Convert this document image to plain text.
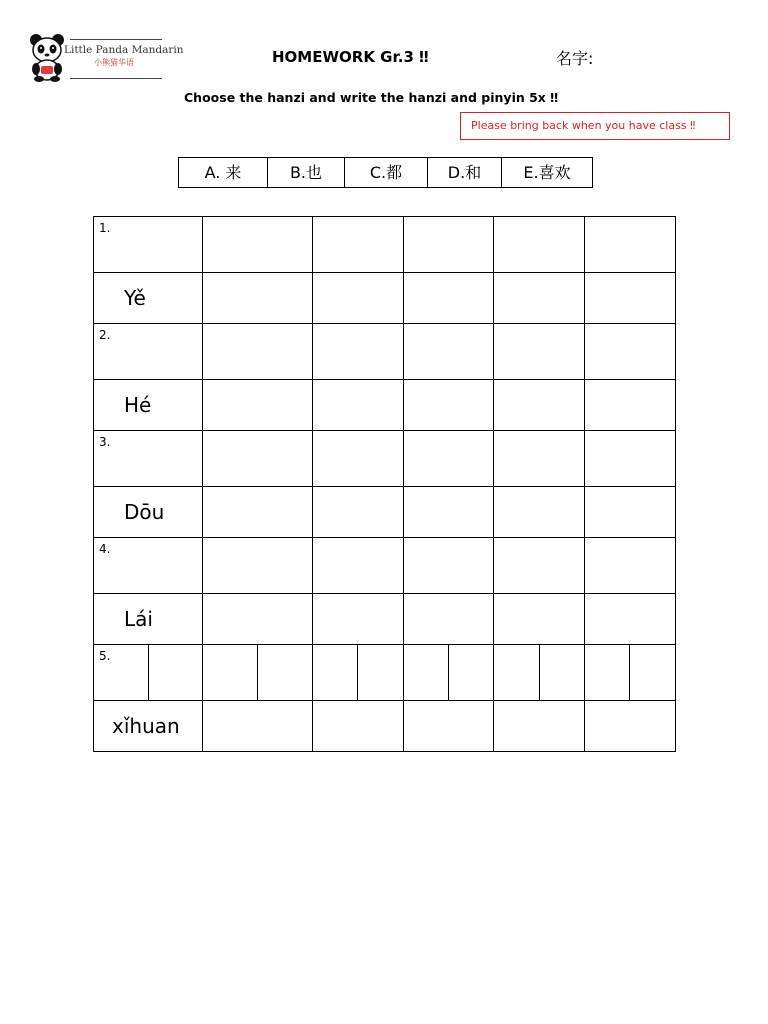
Little Panda Mandarin
小熊猫华语	HOMEWORK Gr.3 ‼	名字:
Choose the hanzi and write the hanzi and pinyin 5x ‼
Please bring back when you have class ‼
A. 来	B.也	C.都	D.和	E.喜欢
1.											
Yě											
2.											
Hé											
3.											
Dōu											
4.											
Lái											
5.											
xǐhuan											
